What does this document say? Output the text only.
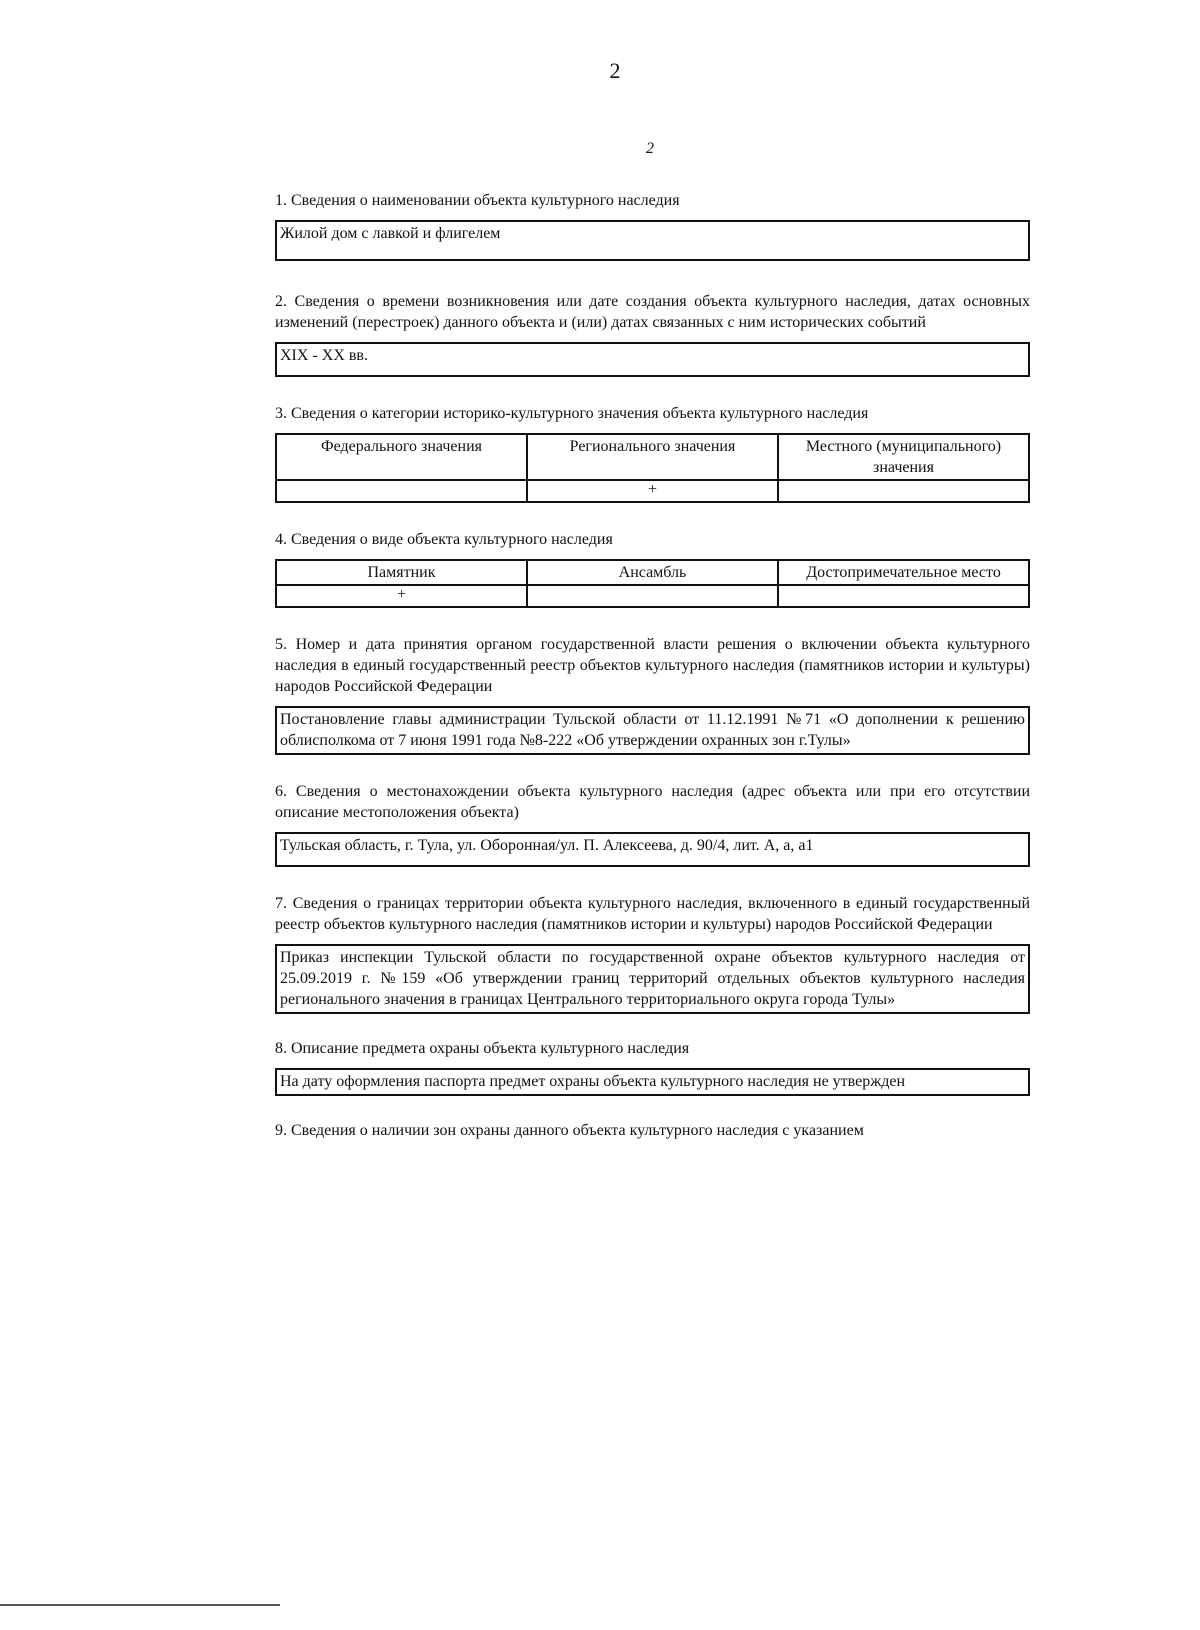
2
2

1. Сведения о наименовании объекта культурного наследия

Жилой дом с лавкой и флигелем

2. Сведения о времени возникновения или дате создания объекта культурного наследия, датах основных изменений (перестроек) данного объекта и (или) датах связанных с ним исторических событий

XIX - XX вв.

3. Сведения о категории историко-культурного значения объекта культурного наследия

Федерального значения	Регионального значения	Местного (муниципального) значения
	+	

4. Сведения о виде объекта культурного наследия

Памятник	Ансамбль	Достопримечательное место
+		

5. Номер и дата принятия органом государственной власти решения о включении объекта культурного наследия в единый государственный реестр объектов культурного наследия (памятников истории и культуры) народов Российской Федерации

Постановление главы администрации Тульской области от 11.12.1991 №71 «О дополнении к решению облисполкома от 7 июня 1991 года №8-222 «Об утверждении охранных зон г.Тулы»

6. Сведения о местонахождении объекта культурного наследия (адрес объекта или при его отсутствии описание местоположения объекта)

Тульская область, г. Тула, ул. Оборонная/ул. П. Алексеева, д. 90/4, лит. А, а, а1

7. Сведения о границах территории объекта культурного наследия, включенного в единый государственный реестр объектов культурного наследия (памятников истории и культуры) народов Российской Федерации

Приказ инспекции Тульской области по государственной охране объектов культурного наследия от 25.09.2019 г. №159 «Об утверждении границ территорий отдельных объектов культурного наследия регионального значения в границах Центрального территориального округа города Тулы»

8. Описание предмета охраны объекта культурного наследия

На дату оформления паспорта предмет охраны объекта культурного наследия не утвержден

9. Сведения о наличии зон охраны данного объекта культурного наследия с указанием
